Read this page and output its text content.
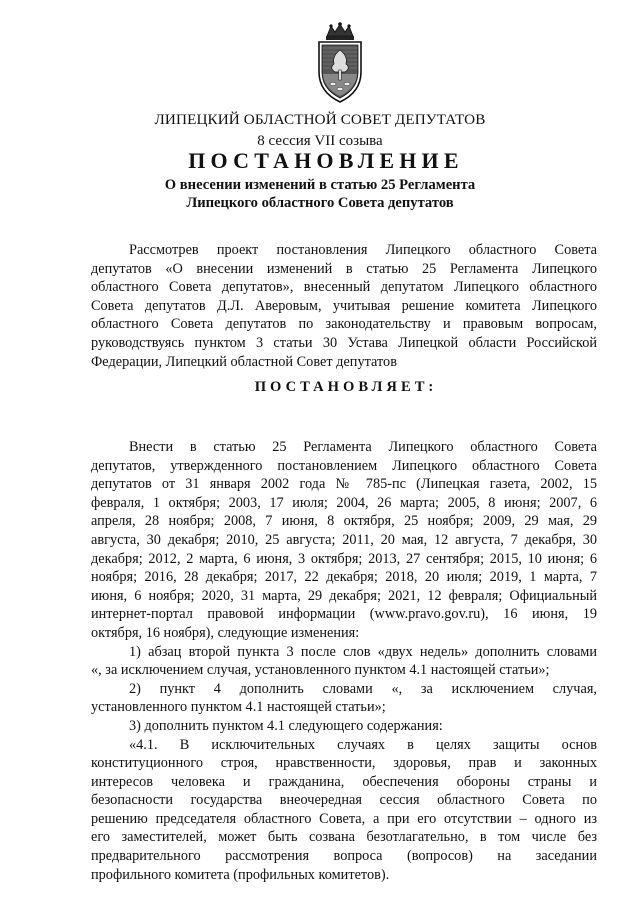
ЛИПЕЦКИЙ ОБЛАСТНОЙ СОВЕТ ДЕПУТАТОВ
8 сессия VII созыва
ПОСТАНОВЛЕНИЕ
О внесении изменений в статью 25 Регламента
Липецкого областного Совета депутатов
Рассмотрев проект постановления Липецкого областного Совета
депутатов «О внесении изменений в статью 25 Регламента Липецкого
областного Совета депутатов», внесенный депутатом Липецкого областного
Совета депутатов Д.Л. Аверовым, учитывая решение комитета Липецкого
областного Совета депутатов по законодательству и правовым вопросам,
руководствуясь пунктом 3 статьи 30 Устава Липецкой области Российской
Федерации, Липецкий областной Совет депутатов
ПОСТАНОВЛЯЕТ:
Внести в статью 25 Регламента Липецкого областного Совета
депутатов, утвержденного постановлением Липецкого областного Совета
депутатов от 31 января 2002 года № 785-пс (Липецкая газета, 2002, 15
февраля, 1 октября; 2003, 17 июля; 2004, 26 марта; 2005, 8 июня; 2007, 6
апреля, 28 ноября; 2008, 7 июня, 8 октября, 25 ноября; 2009, 29 мая, 29
августа, 30 декабря; 2010, 25 августа; 2011, 20 мая, 12 августа, 7 декабря, 30
декабря; 2012, 2 марта, 6 июня, 3 октября; 2013, 27 сентября; 2015, 10 июня; 6
ноября; 2016, 28 декабря; 2017, 22 декабря; 2018, 20 июля; 2019, 1 марта, 7
июня, 6 ноября; 2020, 31 марта, 29 декабря; 2021, 12 февраля; Официальный
интернет-портал правовой информации (www.pravo.gov.ru), 16 июня, 19
октября, 16 ноября), следующие изменения:
1) абзац второй пункта 3 после слов «двух недель» дополнить словами
«, за исключением случая, установленного пунктом 4.1 настоящей статьи»;
2) пункт 4 дополнить словами «, за исключением случая,
установленного пунктом 4.1 настоящей статьи»;
3) дополнить пунктом 4.1 следующего содержания:
«4.1. В исключительных случаях в целях защиты основ
конституционного строя, нравственности, здоровья, прав и законных
интересов человека и гражданина, обеспечения обороны страны и
безопасности государства внеочередная сессия областного Совета по
решению председателя областного Совета, а при его отсутствии – одного из
его заместителей, может быть созвана безотлагательно, в том числе без
предварительного рассмотрения вопроса (вопросов) на заседании
профильного комитета (профильных комитетов).
